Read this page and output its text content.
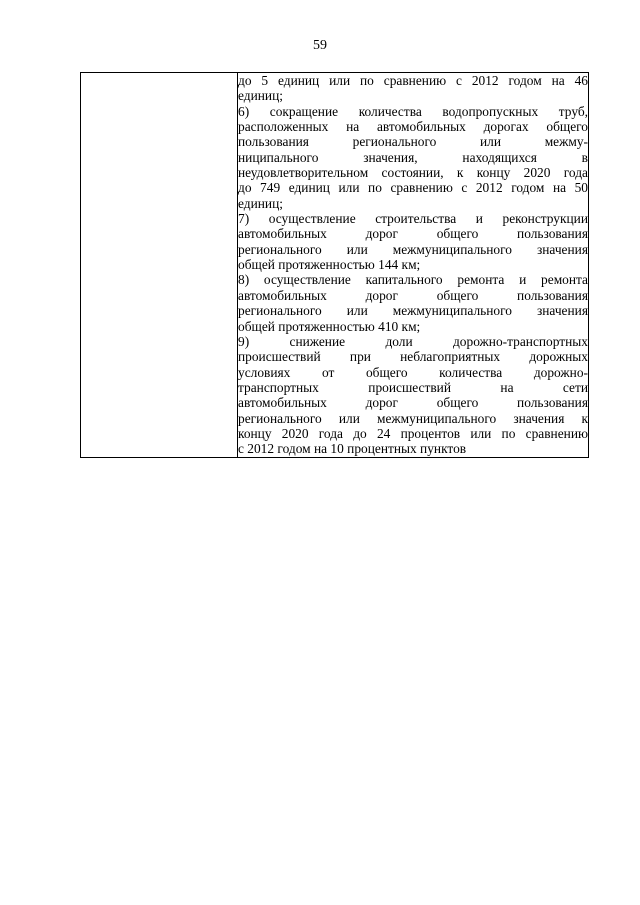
59

до 5 единиц или по сравнению с 2012 годом на 46
единиц;
6) сокращение количества водопропускных труб,
расположенных на автомобильных дорогах общего
пользования регионального или межму-
ниципального значения, находящихся в
неудовлетворительном состоянии, к концу 2020 года
до 749 единиц или по сравнению с 2012 годом на 50
единиц;
7) осуществление строительства и реконструкции
автомобильных дорог общего пользования
регионального или межмуниципального значения
общей протяженностью 144 км;
8) осуществление капитального ремонта и ремонта
автомобильных дорог общего пользования
регионального или межмуниципального значения
общей протяженностью 410 км;
9) снижение доли дорожно-транспортных
происшествий при неблагоприятных дорожных
условиях от общего количества дорожно-
транспортных происшествий на сети
автомобильных дорог общего пользования
регионального или межмуниципального значения к
концу 2020 года до 24 процентов или по сравнению
с 2012 годом на 10 процентных пунктов
